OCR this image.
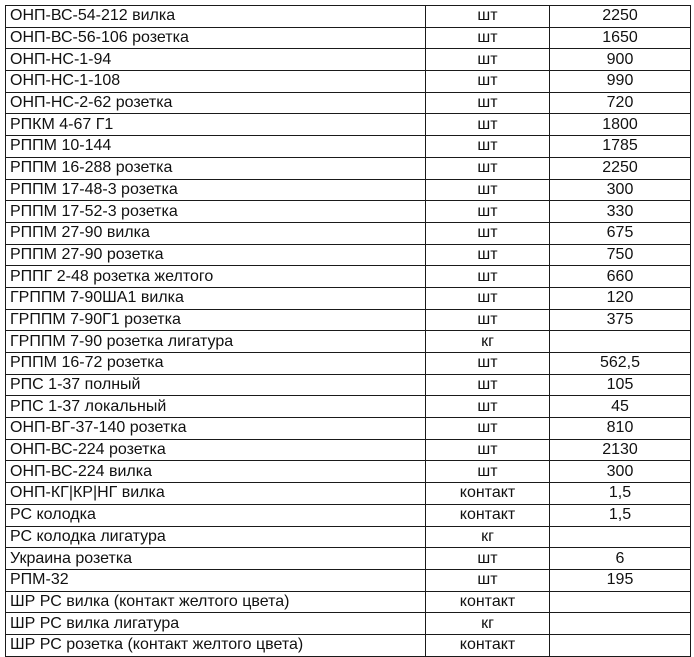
ОНП-ВС-54-212 вилка	шт	2250
ОНП-ВС-56-106 розетка	шт	1650
ОНП-НС-1-94	шт	900
ОНП-НС-1-108	шт	990
ОНП-НС-2-62 розетка	шт	720
РПКМ 4-67 Г1	шт	1800
РППМ 10-144	шт	1785
РППМ 16-288 розетка	шт	2250
РППМ 17-48-3 розетка	шт	300
РППМ 17-52-3 розетка	шт	330
РППМ 27-90 вилка	шт	675
РППМ 27-90 розетка	шт	750
РППГ 2-48 розетка желтого	шт	660
ГРППМ 7-90ША1 вилка	шт	120
ГРППМ 7-90Г1 розетка	шт	375
ГРППМ 7-90 розетка лигатура	кг	
РППМ 16-72 розетка	шт	562,5
РПС 1-37 полный	шт	105
РПС 1-37 локальный	шт	45
ОНП-ВГ-37-140 розетка	шт	810
ОНП-ВС-224 розетка	шт	2130
ОНП-ВС-224 вилка	шт	300
ОНП-КГ|КР|НГ вилка	контакт	1,5
РС колодка	контакт	1,5
РС колодка лигатура	кг	
Украина розетка	шт	6
РПМ-32	шт	195
ШР РС вилка (контакт желтого цвета)	контакт	
ШР РС вилка лигатура	кг	
ШР РС розетка (контакт желтого цвета)	контакт	
